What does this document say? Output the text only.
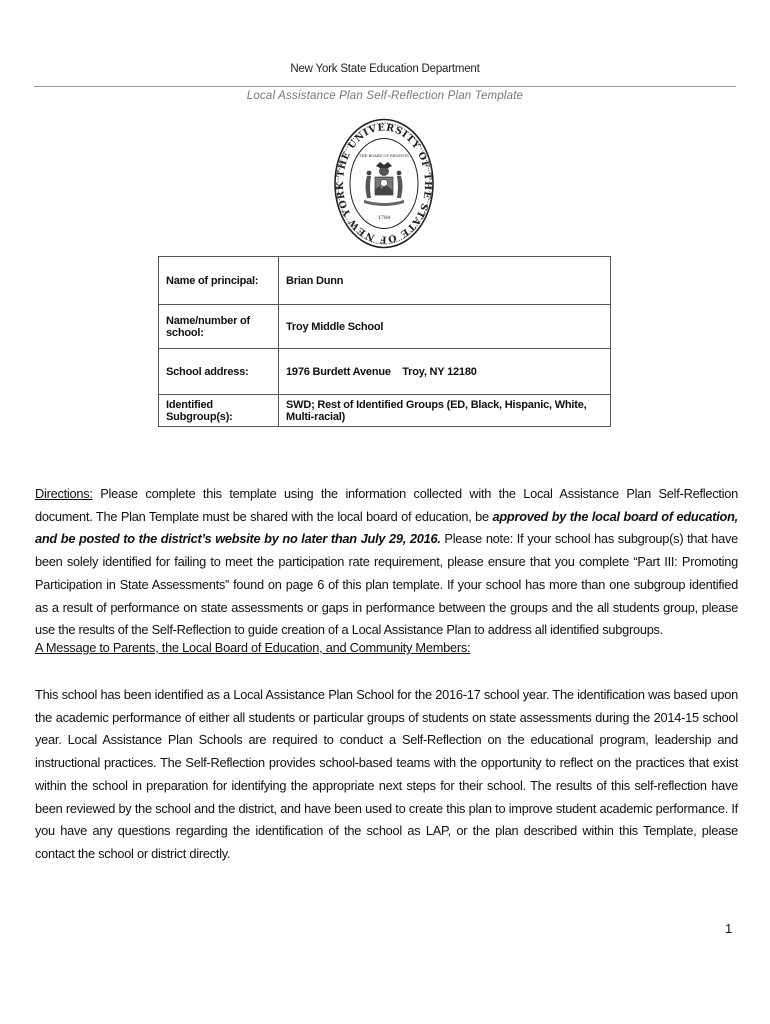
New York State Education Department
Local Assistance Plan Self-Reflection Plan Template
THE UNIVERSITY OF THE STATE OF NEW YORK
THE BOARD OF REGENTS
1784
Name of principal:	Brian Dunn
Name/number of school:	Troy Middle School
School address:	1976 Burdett Avenue    Troy, NY 12180
Identified Subgroup(s):	SWD; Rest of Identified Groups (ED, Black, Hispanic, White, Multi-racial)
Directions: Please complete this template using the information collected with the Local Assistance Plan Self-Reflection document. The Plan Template must be shared with the local board of education, be approved by the local board of education, and be posted to the district’s website by no later than July 29, 2016. Please note: If your school has subgroup(s) that have been solely identified for failing to meet the participation rate requirement, please ensure that you complete “Part III: Promoting Participation in State Assessments” found on page 6 of this plan template. If your school has more than one subgroup identified as a result of performance on state assessments or gaps in performance between the groups and the all students group, please use the results of the Self-Reflection to guide creation of a Local Assistance Plan to address all identified subgroups.
A Message to Parents, the Local Board of Education, and Community Members:
This school has been identified as a Local Assistance Plan School for the 2016-17 school year. The identification was based upon the academic performance of either all students or particular groups of students on state assessments during the 2014-15 school year. Local Assistance Plan Schools are required to conduct a Self-Reflection on the educational program, leadership and instructional practices. The Self-Reflection provides school-based teams with the opportunity to reflect on the practices that exist within the school in preparation for identifying the appropriate next steps for their school. The results of this self-reflection have been reviewed by the school and the district, and have been used to create this plan to improve student academic performance. If you have any questions regarding the identification of the school as LAP, or the plan described within this Template, please contact the school or district directly.
1
